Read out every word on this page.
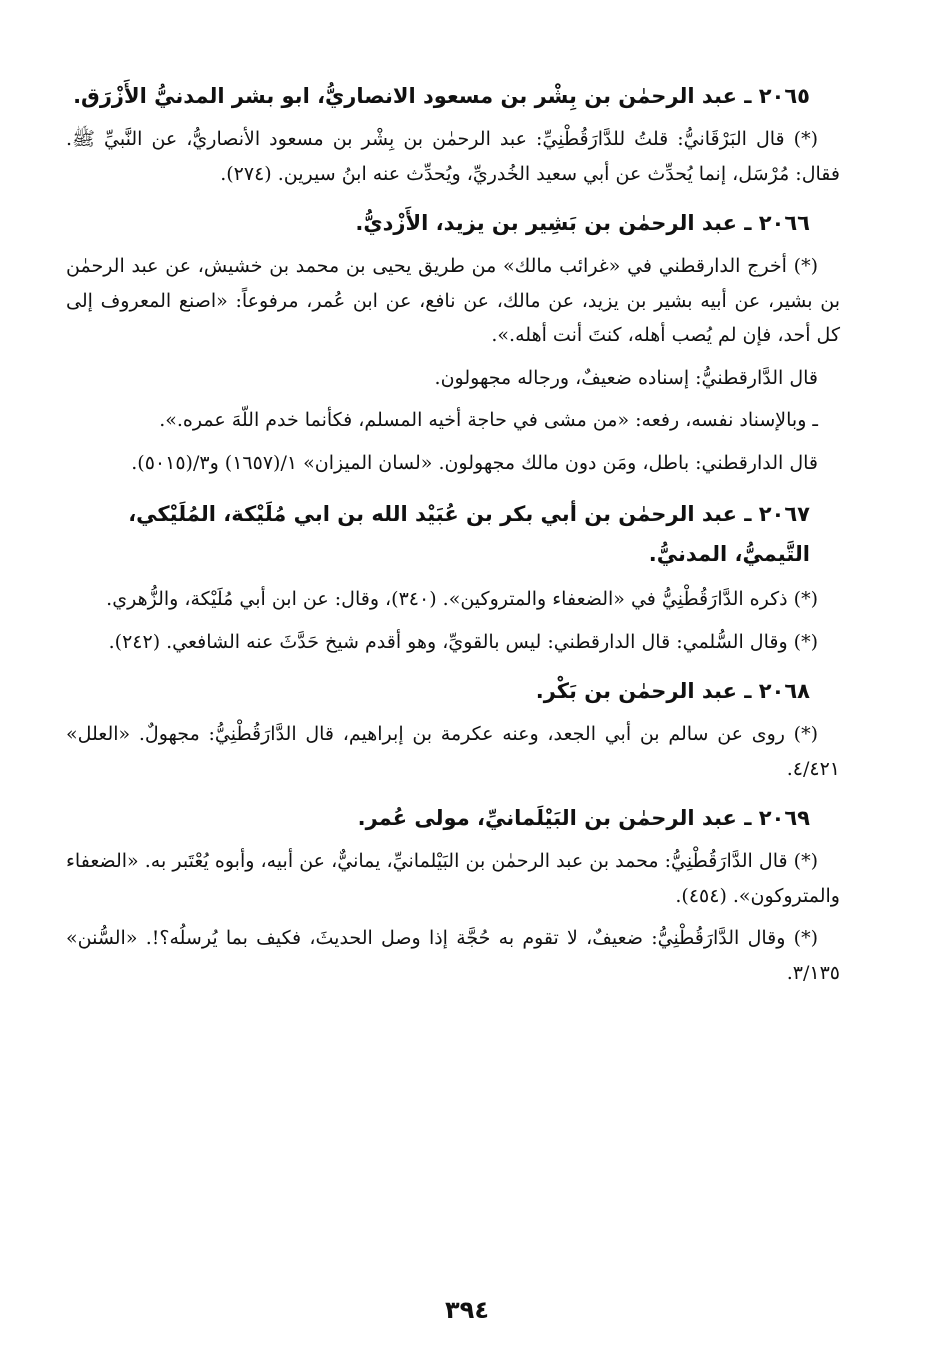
٢٠٦٥ ـ عبد الرحمٰن بن بِشْر بن مسعود الانصاريُّ، ابو بشر المدنيُّ الأَزْرَق.

(*) قال البَرْقَانيُّ: قلتُ للدَّارَقُطْنِيِّ: عبد الرحمٰن بن بِشْر بن مسعود الأنصاريُّ، عن النَّبيِّ ﷺ. فقال: مُرْسَل، إنما يُحدِّث عن أبي سعيد الخُدريِّ، ويُحدِّث عنه ابنُ سيرين. (٢٧٤).

٢٠٦٦ ـ عبد الرحمٰن بن بَشِير بن يزيد، الأَزْديُّ.

(*) أخرج الدارقطني في «غرائب مالك» من طريق يحيى بن محمد بن خشيش، عن عبد الرحمٰن بن بشير، عن أبيه بشير بن يزيد، عن مالك، عن نافع، عن ابن عُمر، مرفوعاً: «اصنع المعروف إلى كل أحد، فإن لم يُصب أهله، كنتَ أنت أهله.».

قال الدَّارقطنيُّ: إسناده ضعيفٌ، ورجاله مجهولون.

ـ وبالإسناد نفسه، رفعه: «من مشى في حاجة أخيه المسلم، فكأنما خدم اللّهَ عمره.».

قال الدارقطني: باطل، ومَن دون مالك مجهولون. «لسان الميزان» ١/(١٦٥٧) و٣/(٥٠١٥).

٢٠٦٧ ـ عبد الرحمٰن بن أبي بكر بن عُبَيْد الله بن ابي مُلَيْكة، المُلَيْكي، التَّيميُّ، المدنيُّ.

(*) ذكره الدَّارَقُطْنِيُّ في «الضعفاء والمتروكين». (٣٤٠)، وقال: عن ابن أبي مُلَيْكة، والزُّهري.

(*) وقال السُّلمي: قال الدارقطني: ليس بالقويِّ، وهو أقدم شيخ حَدَّثَ عنه الشافعي. (٢٤٢).

٢٠٦٨ ـ عبد الرحمٰن بن بَكْر.

(*) روى عن سالم بن أبي الجعد، وعنه عكرمة بن إبراهيم، قال الدَّارَقُطْنِيُّ: مجهولٌ. «العلل» ٤/٤٢١.

٢٠٦٩ ـ عبد الرحمٰن بن البَيْلَمانيِّ، مولى عُمر.

(*) قال الدَّارَقُطْنِيُّ: محمد بن عبد الرحمٰن بن البَيْلمانيِّ، يمانيٌّ، عن أبيه، وأبوه يُعْتَبر به. «الضعفاء والمتروكون». (٤٥٤).

(*) وقال الدَّارَقُطْنِيُّ: ضعيفٌ، لا تقوم به حُجَّة إذا وصل الحديثَ، فكيف بما يُرسلُه؟!. «السُّنن» ٣/١٣٥.

٣٩٤
